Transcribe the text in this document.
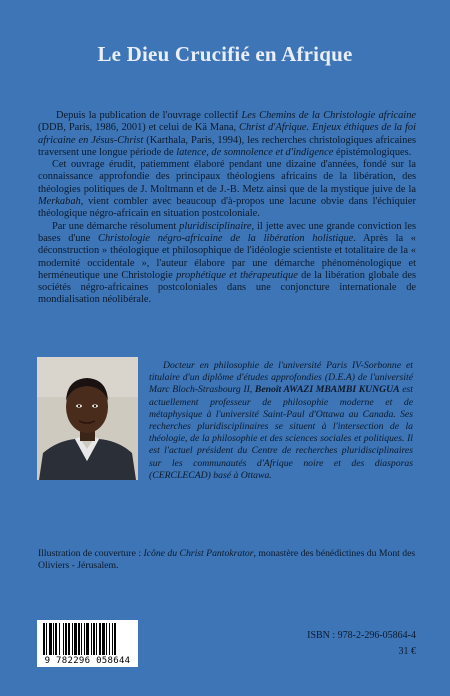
Le Dieu Crucifié en Afrique

Depuis la publication de l'ouvrage collectif Les Chemins de la Christologie africaine (DDB, Paris, 1986, 2001) et celui de Kä Mana, Christ d'Afrique. Enjeux éthiques de la foi africaine en Jésus-Christ (Karthala, Paris, 1994), les recherches christologiques africaines traversent une longue période de latence, de somnolence et d'indigence épistémologiques.

Cet ouvrage érudit, patiemment élaboré pendant une dizaine d'années, fondé sur la connaissance approfondie des principaux théologiens africains de la libération, des théologies politiques de J. Moltmann et de J.-B. Metz ainsi que de la mystique juive de la Merkabah, vient combler avec beaucoup d'à-propos une lacune obvie dans l'échiquier théologique négro-africain en situation postcoloniale.

Par une démarche résolument pluridisciplinaire, il jette avec une grande conviction les bases d'une Christologie négro-africaine de la libération holistique. Après la « déconstruction » théologique et philosophique de l'idéologie scientiste et totalitaire de la « modernité occidentale », l'auteur élabore par une démarche phénoménologique et herméneutique une Christologie prophétique et thérapeutique de la libération globale des sociétés négro-africaines postcoloniales dans une conjoncture internationale de mondialisation néolibérale.

Docteur en philosophie de l'université Paris IV-Sorbonne et titulaire d'un diplôme d'études approfondies (D.E.A) de l'université Marc Bloch-Strasbourg II, Benoît AWAZI MBAMBI KUNGUA est actuellement professeur de philosophie moderne et de métaphysique à l'université Saint-Paul d'Ottawa au Canada. Ses recherches pluridisciplinaires se situent à l'intersection de la théologie, de la philosophie et des sciences sociales et politiques. Il est l'actuel président du Centre de recherches pluridisciplinaires sur les communautés d'Afrique noire et des diasporas (CERCLECAD) basé à Ottawa.
Illustration de couverture : Icône du Christ Pantokrator, monastère des bénédictines du Mont des Oliviers - Jérusalem.
9 782296 058644
ISBN : 978-2-296-05864-4
31 €
